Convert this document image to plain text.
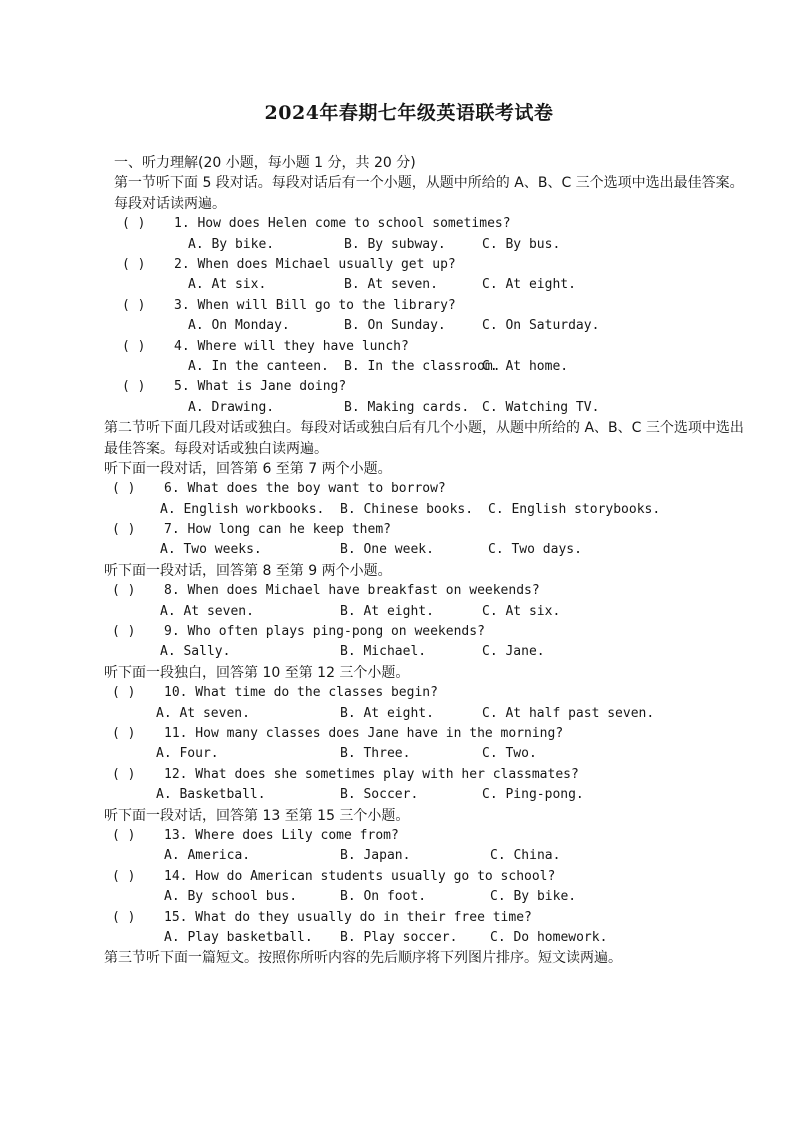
2024年春期七年级英语联考试卷
一、听力理解(20 小题，每小题 1 分，共 20 分)
第一节听下面 5 段对话。每段对话后有一个小题，从题中所给的 A、B、C 三个选项中选出最佳答案。每段对话读两遍。
( ) 1. How does Helen come to school sometimes?
A. By bike.	B. By subway.	C. By bus.
( ) 2. When does Michael usually get up?
A. At six.	B. At seven.	C. At eight.
( ) 3. When will Bill go to the library?
A. On Monday.	B. On Sunday.	C. On Saturday.
( ) 4. Where will they have lunch?
A. In the canteen. B. In the classroom.
C. At home.
( ) 5. What is Jane doing?
A. Drawing.	B. Making cards. C. Watching TV.
第二节听下面几段对话或独白。每段对话或独白后有几个小题，从题中所给的 A、B、C 三个选项中选出最佳答案。每段对话或独白读两遍。
听下面一段对话，回答第 6 至第 7 两个小题。
( ) 6. What does the boy want to borrow?
A. English workbooks. B. Chinese books. C. English storybooks.
( ) 7. How long can he keep them?
A. Two weeks.	B. One week.	C. Two days.
听下面一段对话，回答第 8 至第 9 两个小题。
( ) 8. When does Michael have breakfast on weekends?
A. At seven.	B. At eight.	C. At six.
( ) 9. Who often plays ping-pong on weekends?
A. Sally.	B. Michael.	C. Jane.
听下面一段独白，回答第 10 至第 12 三个小题。
( ) 10. What time do the classes begin?
A. At seven.	B. At eight.	C. At half past seven.
( ) 11. How many classes does Jane have in the morning?
A. Four.	B. Three.	C. Two.
( ) 12. What does she sometimes play with her classmates?
A. Basketball.	B. Soccer.	C. Ping-pong.
听下面一段对话，回答第 13 至第 15 三个小题。
( ) 13. Where does Lily come from?
A. America.	B. Japan.	C. China.
( ) 14. How do American students usually go to school?
A. By school bus.	B. On foot.	C. By bike.
( ) 15. What do they usually do in their free time?
A. Play basketball. B. Play soccer.	C. Do homework.
第三节听下面一篇短文。按照你所听内容的先后顺序将下列图片排序。短文读两遍。
